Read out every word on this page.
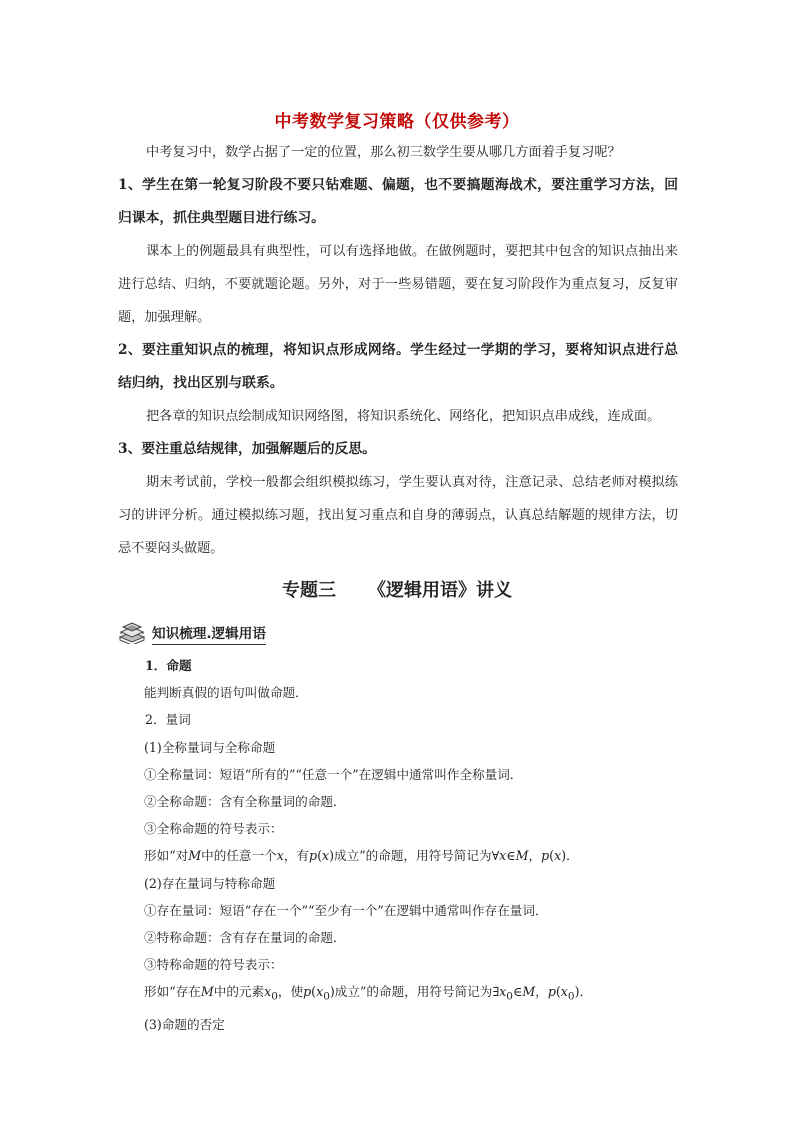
中考数学复习策略（仅供参考）

中考复习中，数学占据了一定的位置，那么初三数学生要从哪几方面着手复习呢？

1、学生在第一轮复习阶段不要只钻难题、偏题，也不要搞题海战术，要注重学习方法，回归课本，抓住典型题目进行练习。

课本上的例题最具有典型性，可以有选择地做。在做例题时，要把其中包含的知识点抽出来进行总结、归纳，不要就题论题。另外，对于一些易错题，要在复习阶段作为重点复习，反复审题，加强理解。

2、要注重知识点的梳理，将知识点形成网络。学生经过一学期的学习，要将知识点进行总结归纳，找出区别与联系。

把各章的知识点绘制成知识网络图，将知识系统化、网络化，把知识点串成线，连成面。

3、要注重总结规律，加强解题后的反思。

期末考试前，学校一般都会组织模拟练习，学生要认真对待，注意记录、总结老师对模拟练习的讲评分析。通过模拟练习题，找出复习重点和自身的薄弱点，认真总结解题的规律方法，切忌不要闷头做题。

专题三 《逻辑用语》讲义
知识梳理.逻辑用语

1．命题

能判断真假的语句叫做命题．

2．量词

(1)全称量词与全称命题

①全称量词：短语“所有的”“任意一个”在逻辑中通常叫作全称量词．

②全称命题：含有全称量词的命题．

③全称命题的符号表示：

形如“对M中的任意一个x，有p(x)成立”的命题，用符号简记为∀x∈M，p(x)．

(2)存在量词与特称命题

①存在量词：短语“存在一个”“至少有一个”在逻辑中通常叫作存在量词．

②特称命题：含有存在量词的命题．

③特称命题的符号表示：

形如“存在M中的元素$x_0$，使$p(x_0)$成立”的命题，用符号简记为$\exists x_0\in M$，$p(x_0)$．

(3)命题的否定
